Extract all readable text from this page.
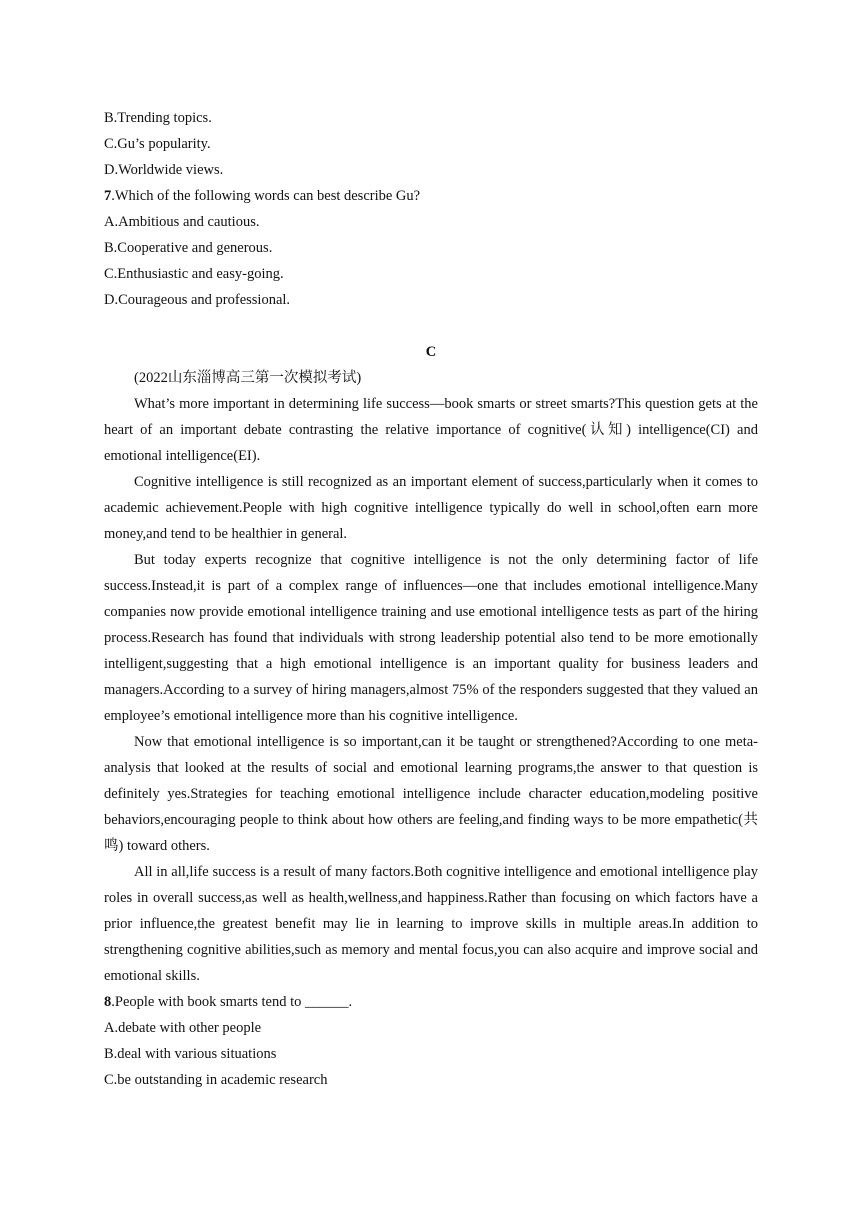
B.Trending topics.

C.Gu’s popularity.

D.Worldwide views.

7.Which of the following words can best describe Gu?

A.Ambitious and cautious.

B.Cooperative and generous.

C.Enthusiastic and easy-going.

D.Courageous and professional.

C

(2022山东淄博高三第一次模拟考试)

What’s more important in determining life success—book smarts or street smarts?This question gets at the heart of an important debate contrasting the relative importance of cognitive(认知) intelligence(CI) and emotional intelligence(EI).

Cognitive intelligence is still recognized as an important element of success,particularly when it comes to academic achievement.People with high cognitive intelligence typically do well in school,often earn more money,and tend to be healthier in general.

But today experts recognize that cognitive intelligence is not the only determining factor of life success.Instead,it is part of a complex range of influences—one that includes emotional intelligence.Many companies now provide emotional intelligence training and use emotional intelligence tests as part of the hiring process.Research has found that individuals with strong leadership potential also tend to be more emotionally intelligent,suggesting that a high emotional intelligence is an important quality for business leaders and managers.According to a survey of hiring managers,almost 75% of the responders suggested that they valued an employee’s emotional intelligence more than his cognitive intelligence.

Now that emotional intelligence is so important,can it be taught or strengthened?According to one meta-analysis that looked at the results of social and emotional learning programs,the answer to that question is definitely yes.Strategies for teaching emotional intelligence include character education,modeling positive behaviors,encouraging people to think about how others are feeling,and finding ways to be more empathetic(共鸣) toward others.

All in all,life success is a result of many factors.Both cognitive intelligence and emotional intelligence play roles in overall success,as well as health,wellness,and happiness.Rather than focusing on which factors have a prior influence,the greatest benefit may lie in learning to improve skills in multiple areas.In addition to strengthening cognitive abilities,such as memory and mental focus,you can also acquire and improve social and emotional skills.

8.People with book smarts tend to ______.

A.debate with other people

B.deal with various situations

C.be outstanding in academic research
